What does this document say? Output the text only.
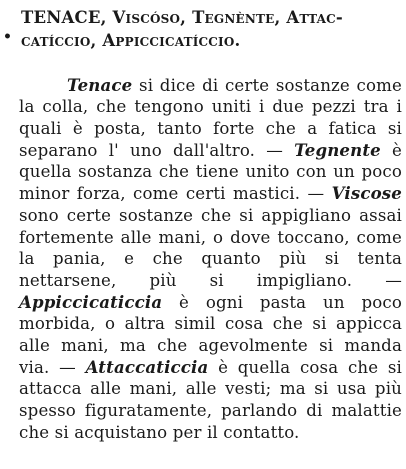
•
TENACE, Viscóso, Tegnènte, Attac-
catíccio, Appiccicatíccio.

Tenace si dice di certe sostanze come la colla, che tengono uniti i due pezzi tra i quali è posta, tanto forte che a fatica si separano l' uno dall'altro. — Tegnente è quella sostanza che tiene unito con un poco minor forza, come certi mastici. — Viscose sono certe sostanze che si appigliano assai fortemente alle mani, o dove toccano, come la pania, e che quanto più si tenta nettarsene, più si impigliano. — Appiccicaticcia è ogni pasta un poco morbida, o altra simil cosa che si appicca alle mani, ma che agevolmente si manda via. — Attaccaticcia è quella cosa che si attacca alle mani, alle vesti; ma si usa più spesso figuratamente, parlando di malattie che si acquistano per il contatto.
